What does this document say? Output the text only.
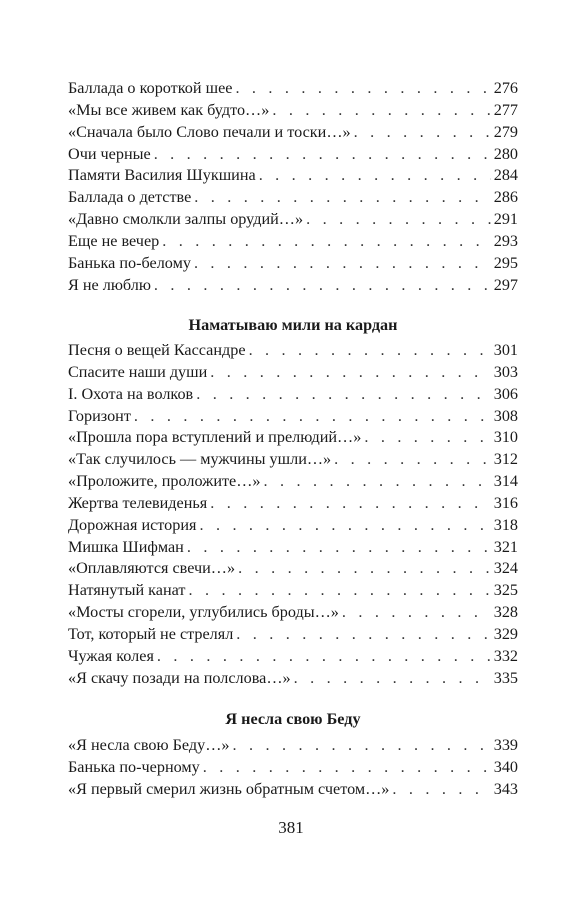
Баллада о короткой шее . . .	276
«Мы все живем как будто…» . . .	277
«Сначала было Слово печали и тоски…» . . .	279
Очи черные . . .	280
Памяти Василия Шукшина . . .	284
Баллада о детстве . . .	286
«Давно смолкли залпы орудий…» . . .	291
Еще не вечер . . .	293
Банька по-белому . . .	295
Я не люблю . . .	297
Наматываю мили на кардан
Песня о вещей Кассандре . . .	301
Спасите наши души . . .	303
I. Охота на волков . . .	306
Горизонт . . .	308
«Прошла пора вступлений и прелюдий…» . . .	310
«Так случилось — мужчины ушли…» . . .	312
«Проложите, проложите…» . . .	314
Жертва телевиденья . . .	316
Дорожная история . . .	318
Мишка Шифман . . .	321
«Оплавляются свечи…» . . .	324
Натянутый канат . . .	325
«Мосты сгорели, углубились броды…» . . .	328
Тот, который не стрелял . . .	329
Чужая колея . . .	332
«Я скачу позади на полслова…» . . .	335
Я несла свою Беду
«Я несла свою Беду…» . . .	339
Банька по-черному . . .	340
«Я первый смерил жизнь обратным счетом…» . . .	343
381
